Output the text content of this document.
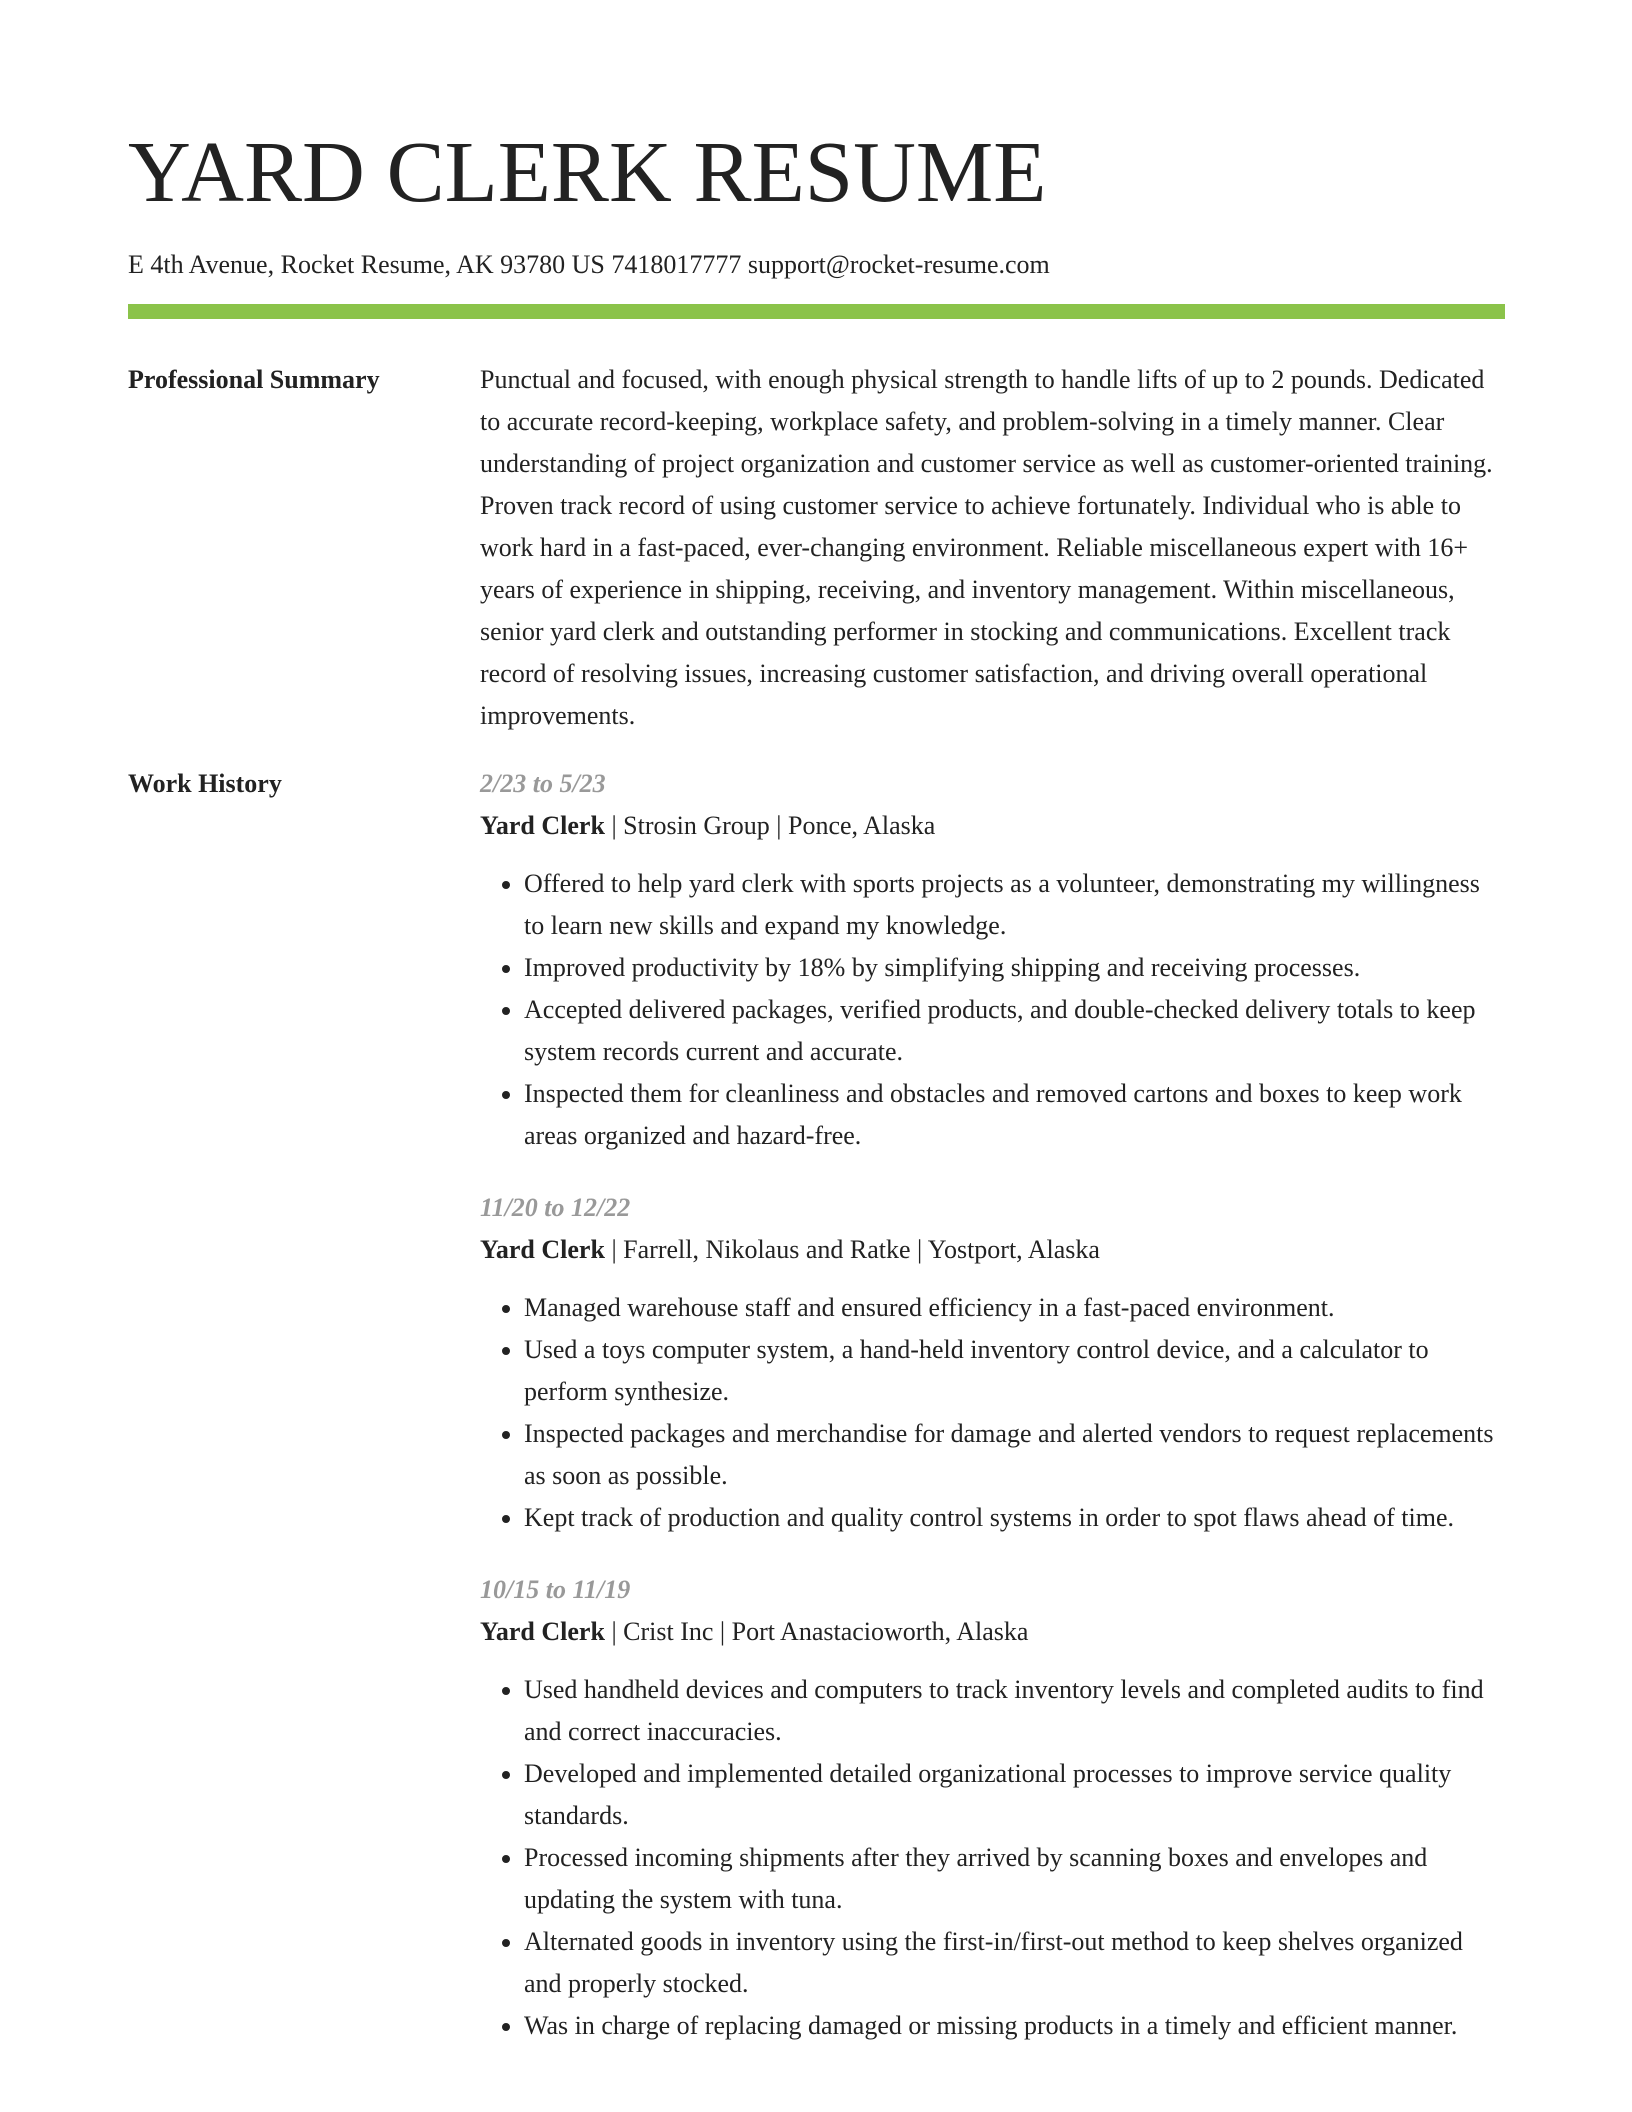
YARD CLERK RESUME
E 4th Avenue, Rocket Resume, AK 93780 US 7418017777 support@rocket-resume.com
Professional Summary	Punctual and focused, with enough physical strength to handle lifts of up to 2 pounds. Dedicated to accurate record-keeping, workplace safety, and problem-solving in a timely manner. Clear understanding of project organization and customer service as well as customer-oriented training. Proven track record of using customer service to achieve fortunately. Individual who is able to work hard in a fast-paced, ever-changing environment. Reliable miscellaneous expert with 16+ years of experience in shipping, receiving, and inventory management. Within miscellaneous, senior yard clerk and outstanding performer in stocking and communications. Excellent track record of resolving issues, increasing customer satisfaction, and driving overall operational improvements.

Work History	2/23 to 5/23
Yard Clerk | Strosin Group | Ponce, Alaska
• Offered to help yard clerk with sports projects as a volunteer, demonstrating my willingness to learn new skills and expand my knowledge.
• Improved productivity by 18% by simplifying shipping and receiving processes.
• Accepted delivered packages, verified products, and double-checked delivery totals to keep system records current and accurate.
• Inspected them for cleanliness and obstacles and removed cartons and boxes to keep work areas organized and hazard-free.
11/20 to 12/22
Yard Clerk | Farrell, Nikolaus and Ratke | Yostport, Alaska
• Managed warehouse staff and ensured efficiency in a fast-paced environment.
• Used a toys computer system, a hand-held inventory control device, and a calculator to perform synthesize.
• Inspected packages and merchandise for damage and alerted vendors to request replacements as soon as possible.
• Kept track of production and quality control systems in order to spot flaws ahead of time.
10/15 to 11/19
Yard Clerk | Crist Inc | Port Anastacioworth, Alaska
• Used handheld devices and computers to track inventory levels and completed audits to find and correct inaccuracies.
• Developed and implemented detailed organizational processes to improve service quality standards.
• Processed incoming shipments after they arrived by scanning boxes and envelopes and updating the system with tuna.
• Alternated goods in inventory using the first-in/first-out method to keep shelves organized and properly stocked.
• Was in charge of replacing damaged or missing products in a timely and efficient manner.
